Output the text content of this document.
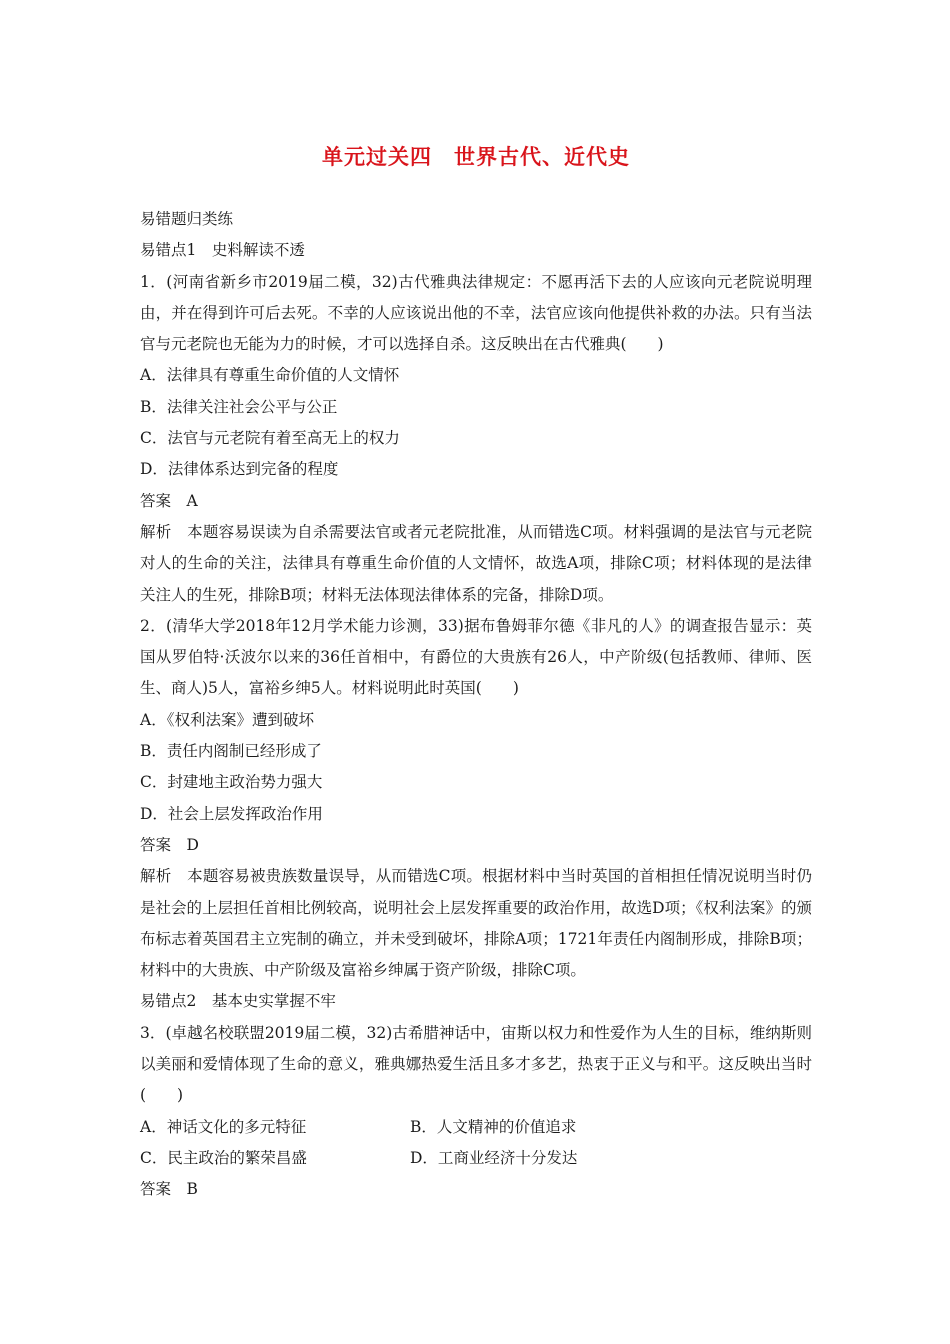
单元过关四　世界古代、近代史

易错题归类练

易错点1　史料解读不透

1．(河南省新乡市2019届二模，32)古代雅典法律规定：不愿再活下去的人应该向元老院说明理由，并在得到许可后去死。不幸的人应该说出他的不幸，法官应该向他提供补救的办法。只有当法官与元老院也无能为力的时候，才可以选择自杀。这反映出在古代雅典(　　)

A．法律具有尊重生命价值的人文情怀

B．法律关注社会公平与公正

C．法官与元老院有着至高无上的权力

D．法律体系达到完备的程度

答案　A

解析　本题容易误读为自杀需要法官或者元老院批准，从而错选C项。材料强调的是法官与元老院对人的生命的关注，法律具有尊重生命价值的人文情怀，故选A项，排除C项；材料体现的是法律关注人的生死，排除B项；材料无法体现法律体系的完备，排除D项。

2．(清华大学2018年12月学术能力诊测，33)据布鲁姆菲尔德《非凡的人》的调查报告显示：英国从罗伯特·沃波尔以来的36任首相中，有爵位的大贵族有26人，中产阶级(包括教师、律师、医生、商人)5人，富裕乡绅5人。材料说明此时英国(　　)

A．《权利法案》遭到破坏

B．责任内阁制已经形成了

C．封建地主政治势力强大

D．社会上层发挥政治作用

答案　D

解析　本题容易被贵族数量误导，从而错选C项。根据材料中当时英国的首相担任情况说明当时仍是社会的上层担任首相比例较高，说明社会上层发挥重要的政治作用，故选D项；《权利法案》的颁布标志着英国君主立宪制的确立，并未受到破坏，排除A项；1721年责任内阁制形成，排除B项；材料中的大贵族、中产阶级及富裕乡绅属于资产阶级，排除C项。

易错点2　基本史实掌握不牢

3．(卓越名校联盟2019届二模，32)古希腊神话中，宙斯以权力和性爱作为人生的目标，维纳斯则以美丽和爱情体现了生命的意义，雅典娜热爱生活且多才多艺，热衷于正义与和平。这反映出当时(　　)

A．神话文化的多元特征	B．人文精神的价值追求
C．民主政治的繁荣昌盛	D．工商业经济十分发达

答案　B
